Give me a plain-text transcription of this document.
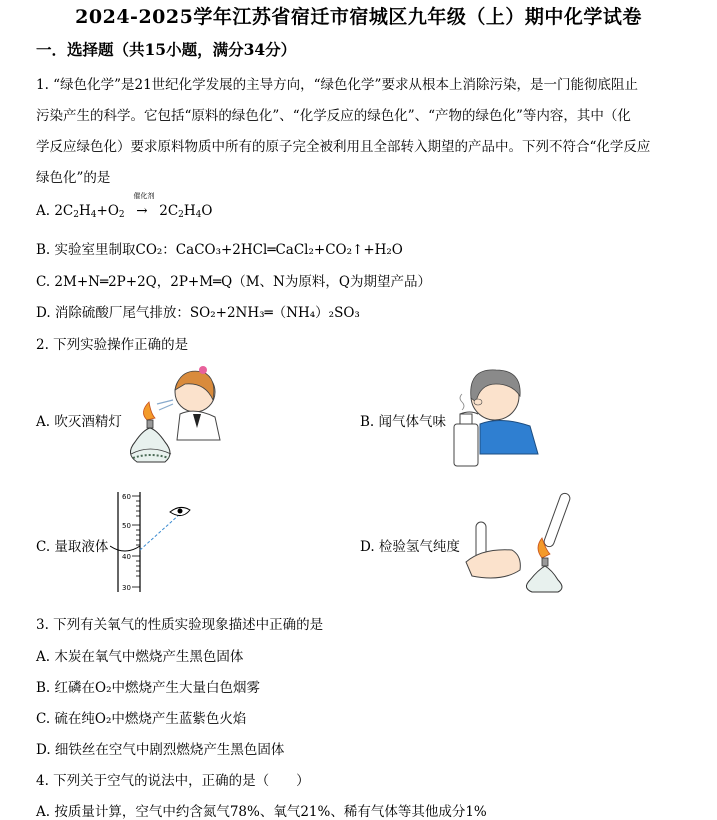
2024-2025学年江苏省宿迁市宿城区九年级（上）期中化学试卷
一．选择题（共15小题，满分34分）
1. “绿色化学”是21世纪化学发展的主导方向，“绿色化学”要求从根本上消除污染，是一门能彻底阻止
污染产生的科学。它包括“原料的绿色化”、“化学反应的绿色化”、“产物的绿色化”等内容，其中（化
学反应绿色化）要求原料物质中所有的原子完全被利用且全部转入期望的产品中。下列不符合“化学反应
绿色化”的是
A. $2C_2H_4+O_2$
催化剂
→ $2C_2H_4O$
B. 实验室里制取CO₂：CaCO₃+2HCl═CaCl₂+CO₂↑+H₂O
C. 2M+N═2P+2Q，2P+M═Q（M、N为原料，Q为期望产品）
D. 消除硫酸厂尾气排放：SO₂+2NH₃═（NH₄）₂SO₃
2. 下列实验操作正确的是
A. 吹灭酒精灯	B. 闻气体气味
C. 量取液体
60
50
40
30
D. 检验氢气纯度
3. 下列有关氧气的性质实验现象描述中正确的是
A. 木炭在氧气中燃烧产生黑色固体
B. 红磷在O₂中燃烧产生大量白色烟雾
C. 硫在纯O₂中燃烧产生蓝紫色火焰
D. 细铁丝在空气中剧烈燃烧产生黑色固体
4. 下列关于空气的说法中，正确的是（　　）
A. 按质量计算，空气中约含氮气78%、氧气21%、稀有气体等其他成分1%
